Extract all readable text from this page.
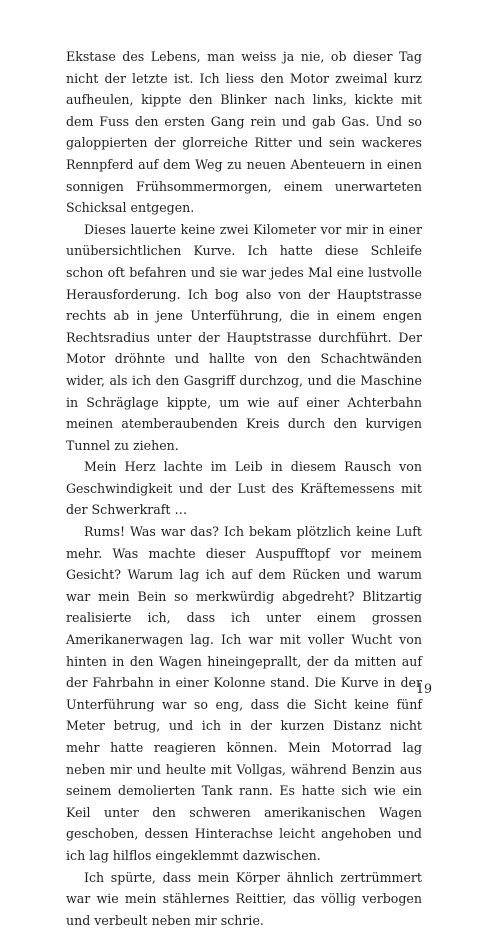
Ekstase des Lebens, man weiss ja nie, ob dieser Tag nicht der letzte ist. Ich liess den Motor zweimal kurz aufheulen, kippte den Blinker nach links, kickte mit dem Fuss den ersten Gang rein und gab Gas. Und so galoppierten der glorreiche Ritter und sein wackeres Rennpferd auf dem Weg zu neuen Abenteuern in einen sonnigen Frühsommermorgen, einem unerwarteten Schicksal entgegen.

Dieses lauerte keine zwei Kilometer vor mir in einer unübersichtlichen Kurve. Ich hatte diese Schleife schon oft befahren und sie war jedes Mal eine lustvolle Herausforderung. Ich bog also von der Hauptstrasse rechts ab in jene Unterführung, die in einem engen Rechtsradius unter der Hauptstrasse durchführt. Der Motor dröhnte und hallte von den Schachtwänden wider, als ich den Gasgriff durchzog, und die Maschine in Schräglage kippte, um wie auf einer Achterbahn meinen atemberaubenden Kreis durch den kurvigen Tunnel zu ziehen.

Mein Herz lachte im Leib in diesem Rausch von Geschwindigkeit und der Lust des Kräftemessens mit der Schwerkraft …

Rums! Was war das? Ich bekam plötzlich keine Luft mehr. Was machte dieser Auspufftopf vor meinem Gesicht? Warum lag ich auf dem Rücken und warum war mein Bein so merkwürdig abgedreht? Blitzartig realisierte ich, dass ich unter einem grossen Amerikanerwagen lag. Ich war mit voller Wucht von hinten in den Wagen hineingeprallt, der da mitten auf der Fahrbahn in einer Kolonne stand. Die Kurve in der Unterführung war so eng, dass die Sicht keine fünf Meter betrug, und ich in der kurzen Distanz nicht mehr hatte reagieren können. Mein Motorrad lag neben mir und heulte mit Vollgas, während Benzin aus seinem demolierten Tank rann. Es hatte sich wie ein Keil unter den schweren amerikanischen Wagen geschoben, dessen Hinterachse leicht angehoben und ich lag hilflos eingeklemmt dazwischen.

Ich spürte, dass mein Körper ähnlich zertrümmert war wie mein stählernes Reittier, das völlig verbogen und verbeult neben mir schrie.

19
